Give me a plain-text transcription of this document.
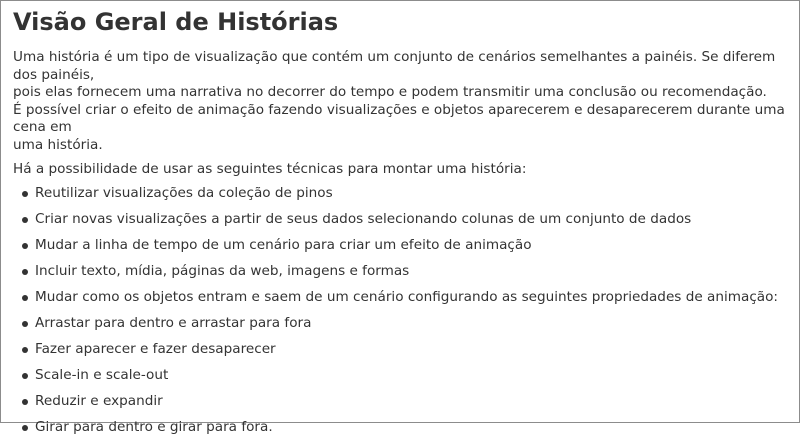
Visão Geral de Histórias

Uma história é um tipo de visualização que contém um conjunto de cenários semelhantes a painéis. Se diferem dos painéis,

pois elas fornecem uma narrativa no decorrer do tempo e podem transmitir uma conclusão ou recomendação.

É possível criar o efeito de animação fazendo visualizações e objetos aparecerem e desaparecerem durante uma cena em

uma história.

Há a possibilidade de usar as seguintes técnicas para montar uma história:

Reutilizar visualizações da coleção de pinos
Criar novas visualizações a partir de seus dados selecionando colunas de um conjunto de dados
Mudar a linha de tempo de um cenário para criar um efeito de animação
Incluir texto, mídia, páginas da web, imagens e formas
Mudar como os objetos entram e saem de um cenário configurando as seguintes propriedades de animação:
Arrastar para dentro e arrastar para fora
Fazer aparecer e fazer desaparecer
Scale-in e scale-out
Reduzir e expandir
Girar para dentro e girar para fora.
